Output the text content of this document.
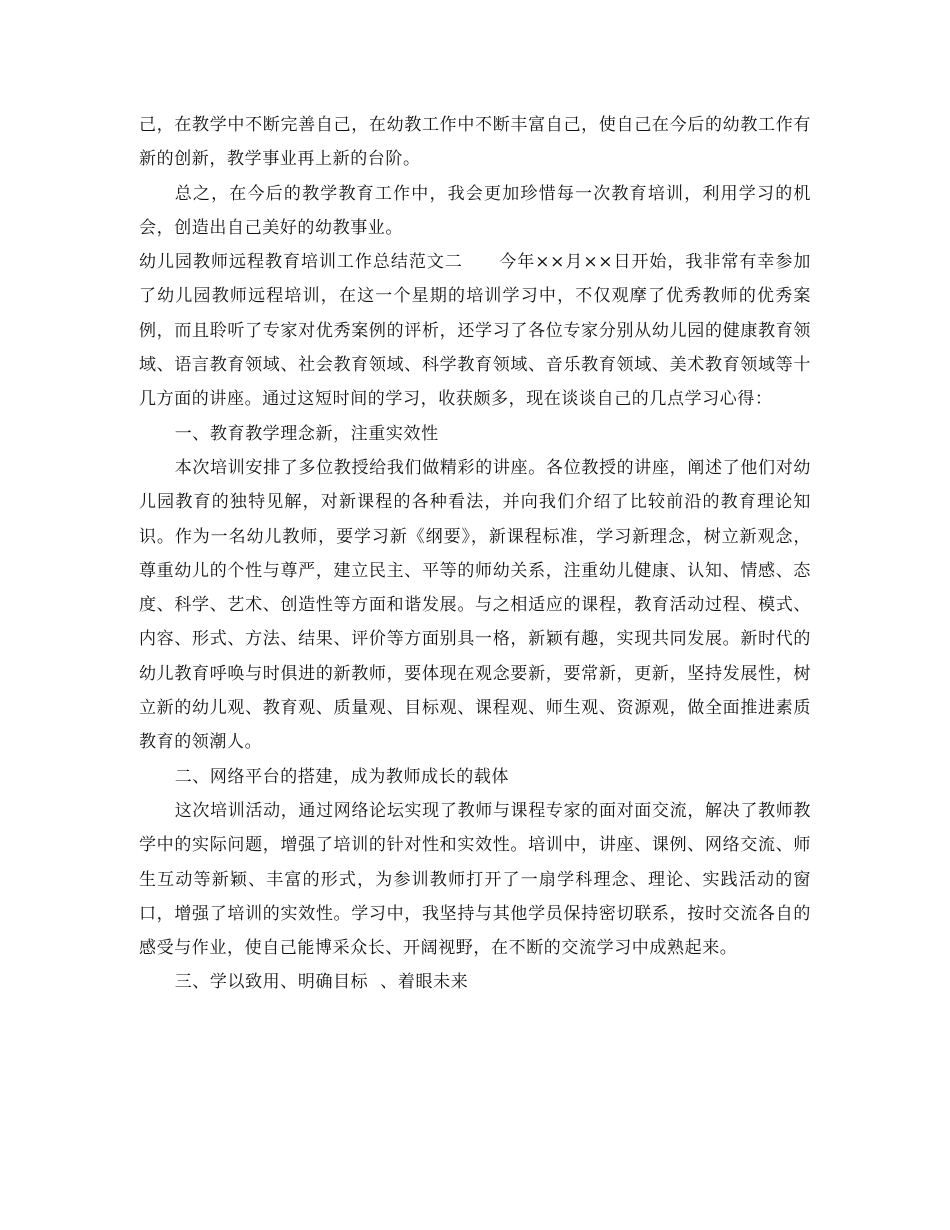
己，在教学中不断完善自己，在幼教工作中不断丰富自己，使自己在今后的幼教工作有新的创新，教学事业再上新的台阶。

总之，在今后的教学教育工作中，我会更加珍惜每一次教育培训，利用学习的机会，创造出自己美好的幼教事业。

幼儿园教师远程教育培训工作总结范文二 今年××月××日开始，我非常有幸参加了幼儿园教师远程培训，在这一个星期的培训学习中，不仅观摩了优秀教师的优秀案例，而且聆听了专家对优秀案例的评析，还学习了各位专家分别从幼儿园的健康教育领域、语言教育领域、社会教育领域、科学教育领域、音乐教育领域、美术教育领域等十几方面的讲座。通过这短时间的学习，收获颇多，现在谈谈自己的几点学习心得：

一、教育教学理念新，注重实效性

本次培训安排了多位教授给我们做精彩的讲座。各位教授的讲座，阐述了他们对幼儿园教育的独特见解，对新课程的各种看法，并向我们介绍了比较前沿的教育理论知识。作为一名幼儿教师，要学习新《纲要》，新课程标准，学习新理念，树立新观念，尊重幼儿的个性与尊严，建立民主、平等的师幼关系，注重幼儿健康、认知、情感、态度、科学、艺术、创造性等方面和谐发展。与之相适应的课程，教育活动过程、模式、内容、形式、方法、结果、评价等方面别具一格，新颖有趣，实现共同发展。新时代的幼儿教育呼唤与时俱进的新教师，要体现在观念要新，要常新，更新，坚持发展性，树立新的幼儿观、教育观、质量观、目标观、课程观、师生观、资源观，做全面推进素质教育的领潮人。

二、网络平台的搭建，成为教师成长的载体

这次培训活动，通过网络论坛实现了教师与课程专家的面对面交流，解决了教师教学中的实际问题，增强了培训的针对性和实效性。培训中，讲座、课例、网络交流、师生互动等新颖、丰富的形式，为参训教师打开了一扇学科理念、理论、实践活动的窗口，增强了培训的实效性。学习中，我坚持与其他学员保持密切联系，按时交流各自的感受与作业，使自己能博采众长、开阔视野，在不断的交流学习中成熟起来。

三、学以致用、明确目标  、着眼未来
